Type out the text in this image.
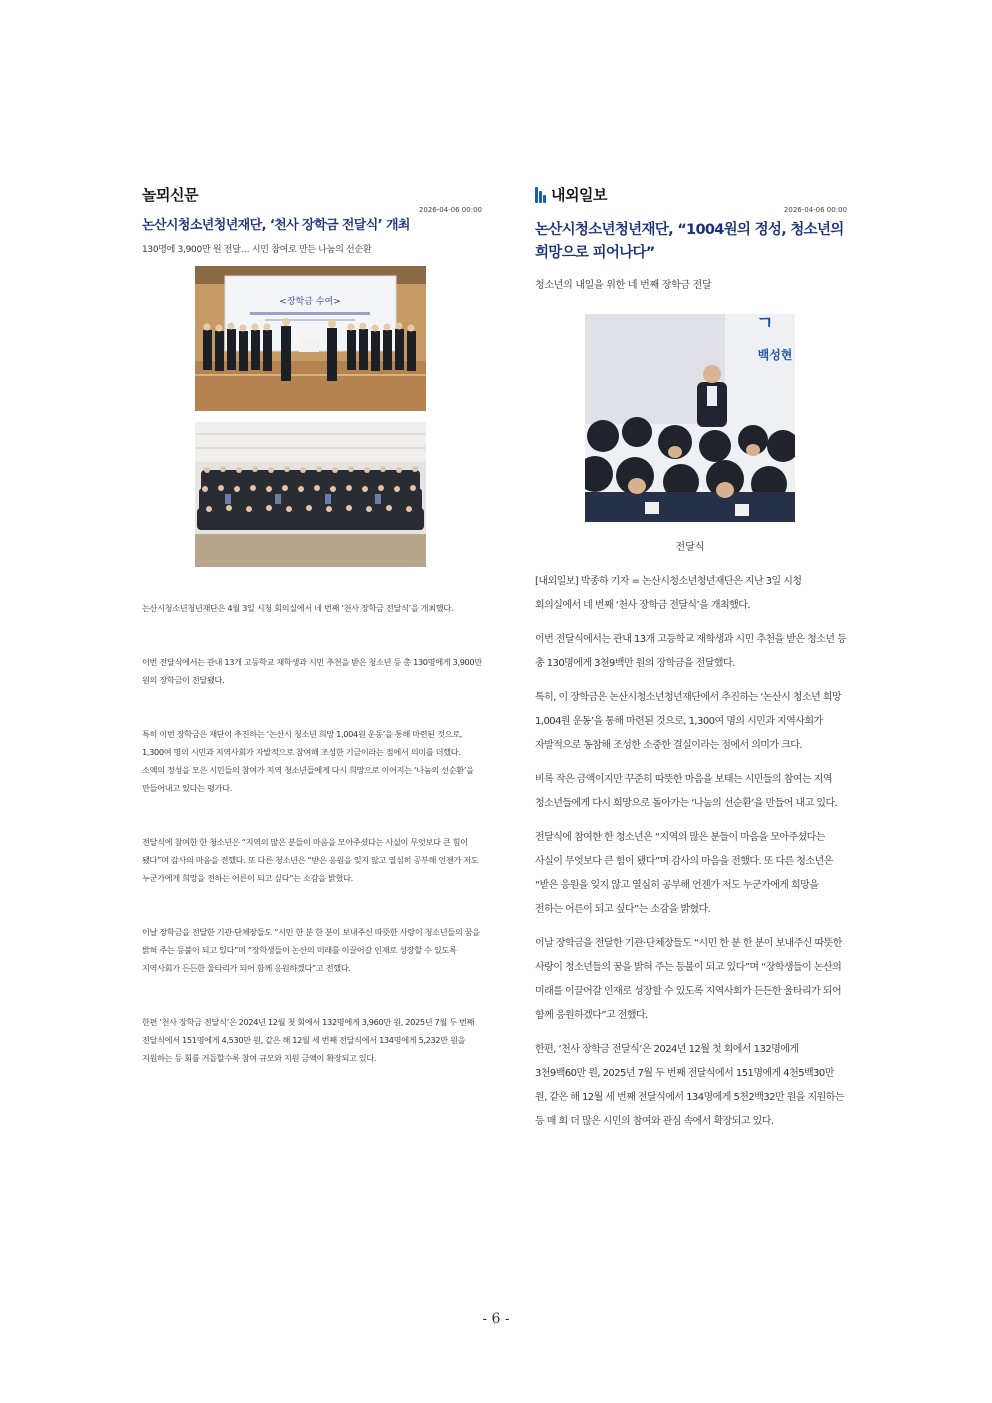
놀뫼신문

2026-04-06 00:00

논산시청소년청년재단, ‘천사 장학금 전달식’ 개최

130명에 3,900만 원 전달… 시민 참여로 만든 나눔의 선순환

<장학금 수여>

논산시청소년청년재단은 4월 3일 시청 회의실에서 네 번째 ‘천사 장학금 전달식’을 개최했다.

이번 전달식에서는 관내 13개 고등학교 재학생과 시민 추천을 받은 청소년 등 총 130명에게 3,900만 원의 장학금이 전달됐다.

특히 이번 장학금은 재단이 추진하는 ‘논산시 청소년 희망 1,004원 운동’을 통해 마련된 것으로, 1,300여 명의 시민과 지역사회가 자발적으로 참여해 조성한 기금이라는 점에서 의미를 더했다. 소액의 정성을 모은 시민들의 참여가 지역 청소년들에게 다시 희망으로 이어지는 ‘나눔의 선순환’을 만들어내고 있다는 평가다.

전달식에 참여한 한 청소년은 “지역의 많은 분들이 마음을 모아주셨다는 사실이 무엇보다 큰 힘이 됐다”며 감사의 마음을 전했다. 또 다른 청소년은 “받은 응원을 잊지 않고 열심히 공부해 언젠가 저도 누군가에게 희망을 전하는 어른이 되고 싶다”는 소감을 밝혔다.

이날 장학금을 전달한 기관·단체장들도 “시민 한 분 한 분이 보내주신 따뜻한 사랑이 청소년들의 꿈을 밝혀 주는 등불이 되고 있다”며 “장학생들이 논산의 미래를 이끌어갈 인재로 성장할 수 있도록 지역사회가 든든한 울타리가 되어 함께 응원하겠다”고 전했다.

한편 ‘천사 장학금 전달식’은 2024년 12월 첫 회에서 132명에게 3,960만 원, 2025년 7월 두 번째 전달식에서 151명에게 4,530만 원, 같은 해 12월 세 번째 전달식에서 134명에게 5,232만 원을 지원하는 등 회를 거듭할수록 참여 규모와 지원 금액이 확장되고 있다.

내외일보

2026-04-06 00:00

논산시청소년청년재단, “1004원의 정성, 청소년의 희망으로 피어나다”

청소년의 내일을 위한 네 번째 장학금 전달

ㄱ
백성현
전달식

[내외일보] 박종하 기자 = 논산시청소년청년재단은 지난 3일 시청 회의실에서 네 번째 ‘천사 장학금 전달식’을 개최했다.

이번 전달식에서는 관내 13개 고등학교 재학생과 시민 추천을 받은 청소년 등 총 130명에게 3천9백만 원의 장학금을 전달했다.

특히, 이 장학금은 논산시청소년청년재단에서 추진하는 ‘논산시 청소년 희망 1,004원 운동’을 통해 마련된 것으로, 1,300여 명의 시민과 지역사회가 자발적으로 동참해 조성한 소중한 결실이라는 점에서 의미가 크다.

비록 작은 금액이지만 꾸준히 따뜻한 마음을 보태는 시민들의 참여는 지역 청소년들에게 다시 희망으로 돌아가는 ‘나눔의 선순환’을 만들어 내고 있다.

전달식에 참여한 한 청소년은 “지역의 많은 분들이 마음을 모아주셨다는 사실이 무엇보다 큰 힘이 됐다”며 감사의 마음을 전했다. 또 다른 청소년은 “받은 응원을 잊지 않고 열심히 공부해 언젠가 저도 누군가에게 희망을 전하는 어른이 되고 싶다”는 소감을 밝혔다.

이날 장학금을 전달한 기관·단체장들도 “시민 한 분 한 분이 보내주신 따뜻한 사랑이 청소년들의 꿈을 밝혀 주는 등불이 되고 있다”며 “장학생들이 논산의 미래를 이끌어갈 인재로 성장할 수 있도록 지역사회가 든든한 울타리가 되어 함께 응원하겠다”고 전했다.

한편, ‘천사 장학금 전달식’은 2024년 12월 첫 회에서 132명에게 3천9백60만 원, 2025년 7월 두 번째 전달식에서 151명에게 4천5백30만 원, 같은 해 12월 세 번째 전달식에서 134명에게 5천2백32만 원을 지원하는 등 매 회 더 많은 시민의 참여와 관심 속에서 확장되고 있다.

- 6 -
